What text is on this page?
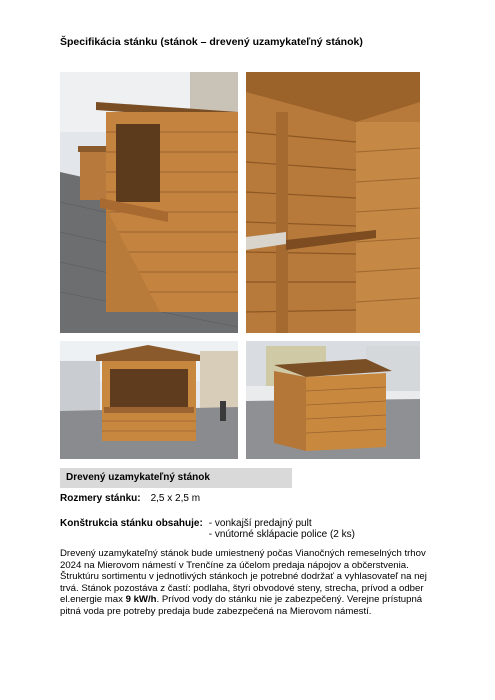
Špecifikácia stánku (stánok – drevený uzamykateľný stánok)
Drevený uzamykateľný stánok
Rozmery stánku: 2,5 x 2,5 m
Konštrukcia stánku obsahuje: - vonkajší predajný pult
- vnútorné sklápacie police (2 ks)
Drevený uzamykateľný stánok bude umiestnený počas Vianočných remeselných trhov 2024 na Mierovom námestí v Trenčíne za účelom predaja nápojov a občerstvenia. Štruktúru sortimentu v jednotlivých stánkoch je potrebné dodržať a vyhlasovateľ na nej trvá. Stánok pozostáva z častí: podlaha, štyri obvodové steny, strecha, prívod a odber el.energie max 9 kW/h. Prívod vody do stánku nie je zabezpečený. Verejne prístupná pitná voda pre potreby predaja bude zabezpečená na Mierovom námestí.
